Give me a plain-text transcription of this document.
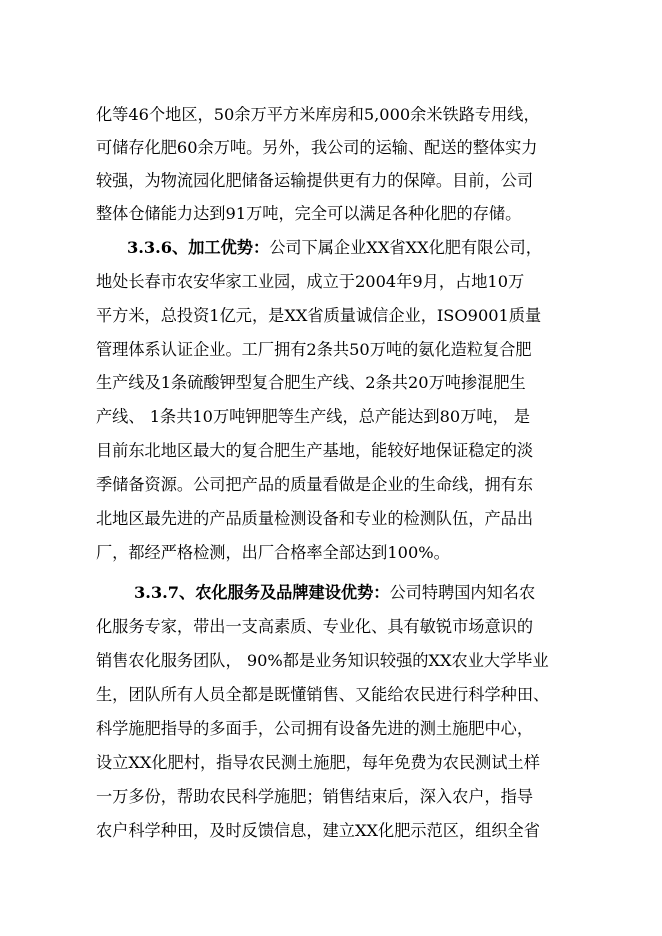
化等46个地区，50余万平方米库房和5,000余米铁路专用线，
可储存化肥60余万吨。另外，我公司的运输、配送的整体实力
较强，为物流园化肥储备运输提供更有力的保障。目前，公司
整体仓储能力达到91万吨，完全可以满足各种化肥的存储。
3.3.6、加工优势：公司下属企业XX省XX化肥有限公司，
地处长春市农安华家工业园，成立于2004年9月，占地10万
平方米，总投资1亿元，是XX省质量诚信企业，ISO9001质量
管理体系认证企业。工厂拥有2条共50万吨的氨化造粒复合肥
生产线及1条硫酸钾型复合肥生产线、2条共20万吨掺混肥生
产线、 1条共10万吨钾肥等生产线，总产能达到80万吨， 是
目前东北地区最大的复合肥生产基地，能较好地保证稳定的淡
季储备资源。公司把产品的质量看做是企业的生命线，拥有东
北地区最先进的产品质量检测设备和专业的检测队伍，产品出
厂，都经严格检测，出厂合格率全部达到100%。
3.3.7、农化服务及品牌建设优势：公司特聘国内知名农
化服务专家，带出一支高素质、专业化、具有敏锐市场意识的
销售农化服务团队， 90%都是业务知识较强的XX农业大学毕业
生，团队所有人员全都是既懂销售、又能给农民进行科学种田、
科学施肥指导的多面手，公司拥有设备先进的测土施肥中心，
设立XX化肥村，指导农民测土施肥，每年免费为农民测试土样
一万多份，帮助农民科学施肥；销售结束后，深入农户，指导
农户科学种田，及时反馈信息，建立XX化肥示范区，组织全省
